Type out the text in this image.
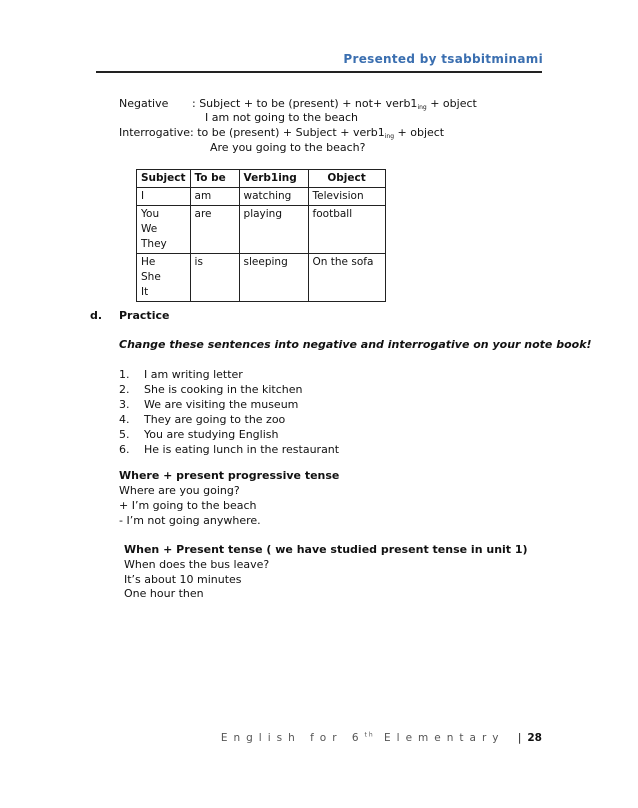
Presented by tsabbitminami
Negative : Subject + to be (present) + $not+ verb1_{ing}$ + object
I am not going to the beach
Interrogative: to be (present) + Subject + $verb1_{ing}$ + object
Are you going to the beach?
Subject	To be	Verb1ing	Object

I	am	watching	Television

You
We
They	are	playing	football

He
She
It	is	sleeping	On the sofa
d. Practice
Change these sentences into negative and interrogative on your note book!
1. I am writing letter
2. She is cooking in the kitchen
3. We are visiting the museum
4. They are going to the zoo
5. You are studying English
6. He is eating lunch in the restaurant
Where + present progressive tense
Where are you going?
+ I’m going to the beach
- I’m not going anywhere.
When + Present tense ( we have studied present tense in unit 1)
When does the bus leave?
It’s about 10 minutes
One hour then
English for 6th Elementary | 28
